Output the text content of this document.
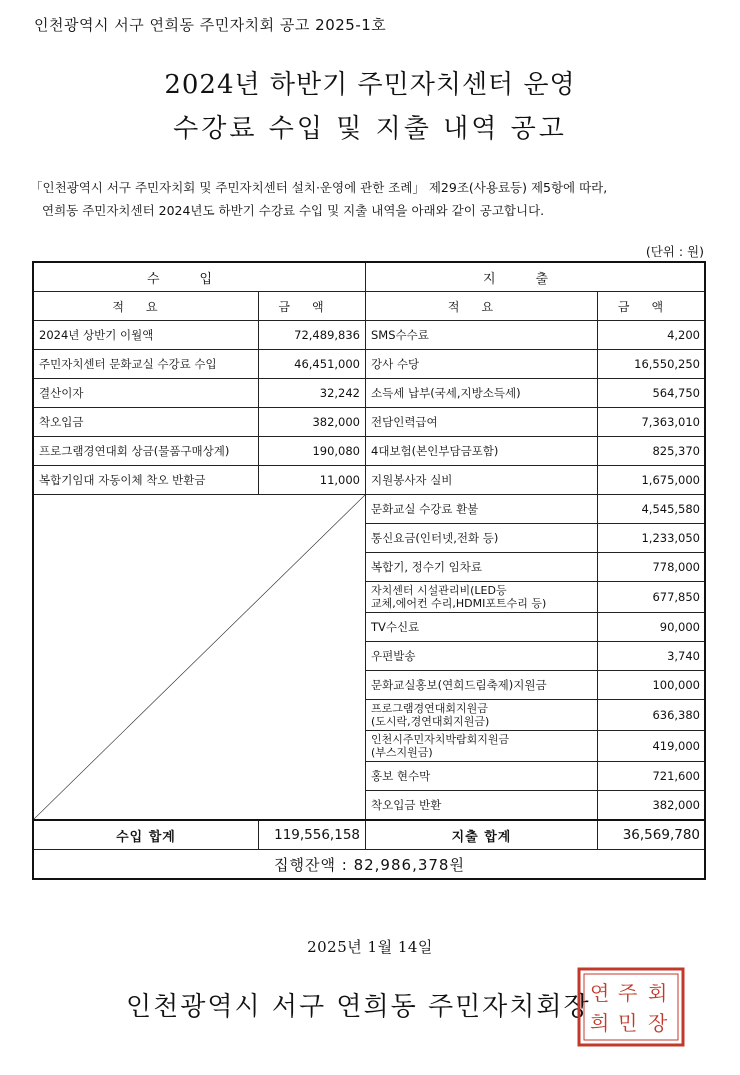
인천광역시 서구 연희동 주민자치회 공고 2025-1호
2024년 하반기 주민자치센터 운영
수강료 수입 및 지출 내역 공고
「인천광역시 서구 주민자치회 및 주민자치센터 설치·운영에 관한 조례」 제29조(사용료등) 제5항에 따라,
연희동 주민자치센터 2024년도 하반기 수강료 수입 및 지출 내역을 아래와 같이 공고합니다.
(단위 : 원)
수입		지출	
적요	금액	적요	금액
2024년 상반기 이월액	72,489,836	SMS수수료	4,200
주민자치센터 문화교실 수강료 수입	46,451,000	강사 수당	16,550,250
결산이자	32,242	소득세 납부(국세,지방소득세)	564,750
착오입금	382,000	전담인력급여	7,363,010
프로그램경연대회 상금(물품구매상계)	190,080	4대보험(본인부담금포함)	825,370
복합기임대 자동이체 착오 반환금	11,000	지원봉사자 실비	1,675,000

	문화교실 수강료 환불	4,545,580
		통신요금(인터넷,전화 등)	1,233,050
		복합기, 정수기 임차료	778,000

		자치센터 시설관리비(LED등
교체,에어컨 수리,HDMI포트수리 등)	677,850
		TV수신료	90,000
		우편발송	3,740
		문화교실홍보(연희드림축제)지원금	100,000

		프로그램경연대회지원금
(도시락,경연대회지원금)	636,380

		인천시주민자치박람회지원금
(부스지원금)	419,000
		홍보 현수막	721,600
		착오입금 반환	382,000
수입 합계	119,556,158	지출 합계	36,569,780
집행잔액 : 82,986,378원			
2025년 1월 14일
인천광역시 서구 연희동 주민자치회장 연
희
주
민
회
장
